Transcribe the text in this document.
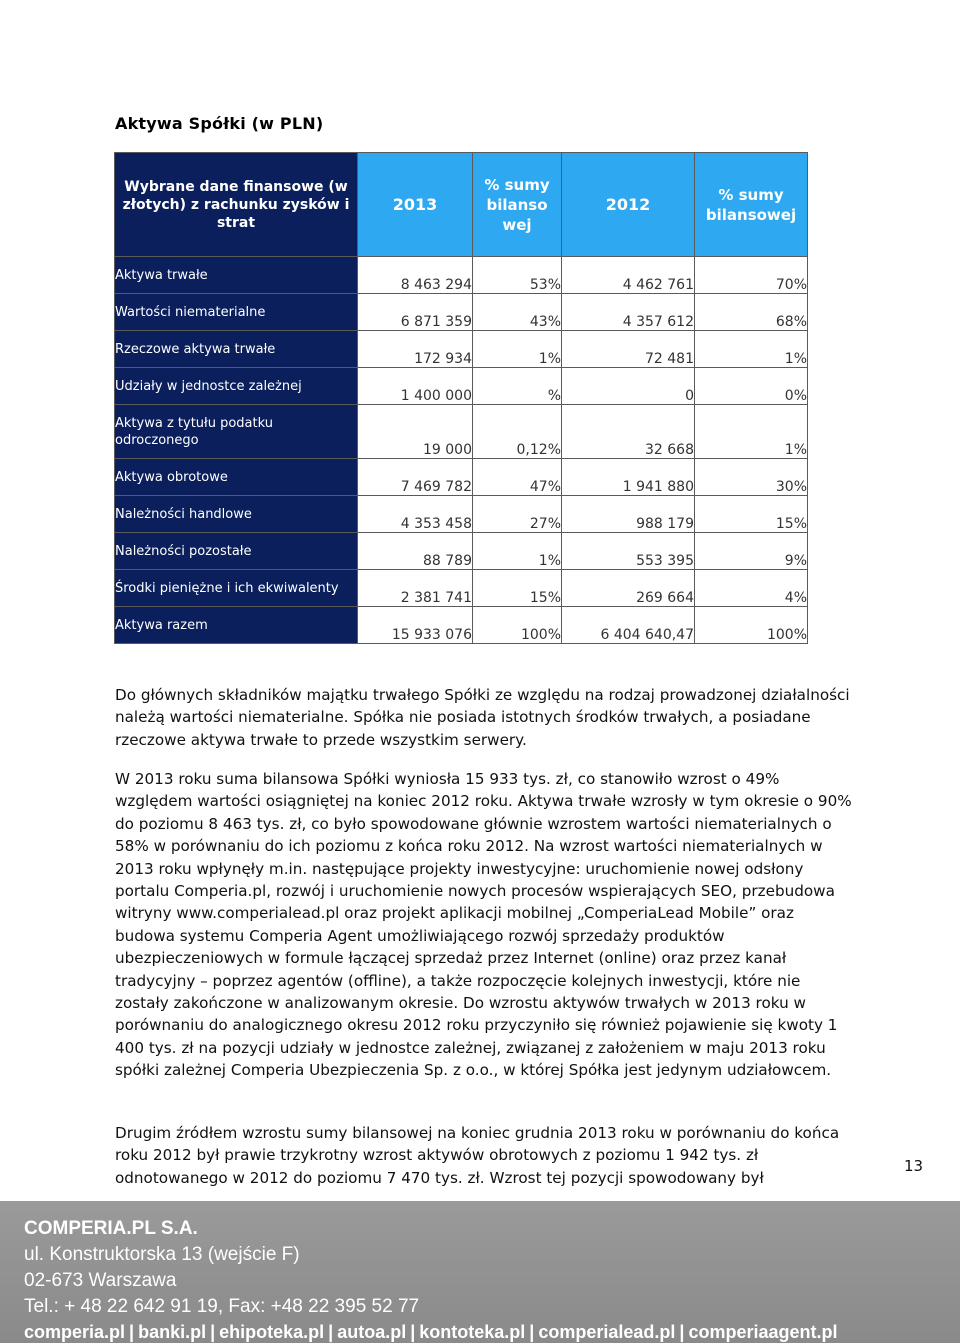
Aktywa Spółki (w PLN)
Wybrane dane finansowe (w złotych) z rachunku zysków i strat	2013	% sumy bilanso wej	2012	% sumy bilansowej
Aktywa trwałe	8 463 294	53%	4 462 761	70%
Wartości niematerialne	6 871 359	43%	4 357 612	68%
Rzeczowe aktywa trwałe	172 934	1%	72 481	1%
Udziały w jednostce zależnej	1 400 000	%	0	0%
Aktywa z tytułu podatku odroczonego	19 000	0,12%	32 668	1%
Aktywa obrotowe	7 469 782	47%	1 941 880	30%
Należności handlowe	4 353 458	27%	988 179	15%
Należności pozostałe	88 789	1%	553 395	9%
Środki pieniężne i ich ekwiwalenty	2 381 741	15%	269 664	4%
Aktywa razem	15 933 076	100%	6 404 640,47	100%
Do głównych składników majątku trwałego Spółki ze względu na rodzaj prowadzonej działalności należą wartości niematerialne. Spółka nie posiada istotnych środków trwałych, a posiadane rzeczowe aktywa trwałe to przede wszystkim serwery.
W 2013 roku suma bilansowa Spółki wyniosła 15 933 tys. zł, co stanowiło wzrost o 49% względem wartości osiągniętej na koniec 2012 roku. Aktywa trwałe wzrosły w tym okresie o 90% do poziomu 8 463 tys. zł, co było spowodowane głównie wzrostem wartości niematerialnych o 58% w porównaniu do ich poziomu z końca roku 2012. Na wzrost wartości niematerialnych w 2013 roku wpłynęły m.in. następujące projekty inwestycyjne: uruchomienie nowej odsłony portalu Comperia.pl, rozwój i uruchomienie nowych procesów wspierających SEO, przebudowa witryny www.comperialead.pl oraz projekt aplikacji mobilnej „ComperiaLead Mobile” oraz budowa systemu Comperia Agent umożliwiającego rozwój sprzedaży produktów ubezpieczeniowych w formule łączącej sprzedaż przez Internet (online) oraz przez kanał tradycyjny – poprzez agentów (offline), a także rozpoczęcie kolejnych inwestycji, które nie zostały zakończone w analizowanym okresie. Do wzrostu aktywów trwałych w 2013 roku w porównaniu do analogicznego okresu 2012 roku przyczyniło się również pojawienie się kwoty 1 400 tys. zł na pozycji udziały w jednostce zależnej, związanej z założeniem w maju 2013 roku spółki zależnej Comperia Ubezpieczenia Sp. z o.o., w której Spółka jest jedynym udziałowcem.
Drugim źródłem wzrostu sumy bilansowej na koniec grudnia 2013 roku w porównaniu do końca roku 2012 był prawie trzykrotny wzrost aktywów obrotowych z poziomu 1 942 tys. zł odnotowanego w 2012 do poziomu 7 470 tys. zł. Wzrost tej pozycji spowodowany był
13
COMPERIA.PL S.A.
ul. Konstruktorska 13 (wejście F)
02-673 Warszawa
Tel.: + 48 22 642 91 19, Fax: +48 22 395 52 77
comperia.pl | banki.pl | ehipoteka.pl | autoa.pl | kontoteka.pl | comperialead.pl | comperiaagent.pl
